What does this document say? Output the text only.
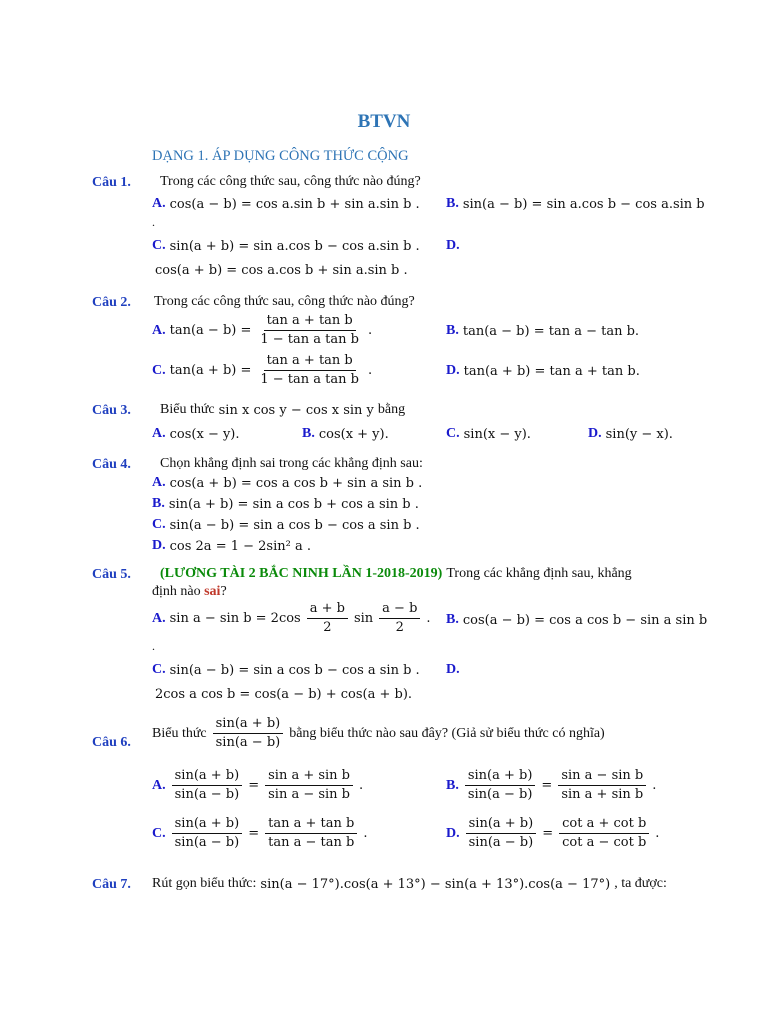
BTVN
DẠNG 1. ÁP DỤNG CÔNG THỨC CỘNG
Câu 1. Trong các công thức sau, công thức nào đúng?
A. cos(a − b) = cos a.sin b + sin a.sin b . B. sin(a − b) = sin a.cos b − cos a.sin b
.
C. sin(a + b) = sin a.cos b − cos a.sin b . D.
cos(a + b) = cos a.cos b + sin a.sin b .
Câu 2. Trong các công thức sau, công thức nào đúng?
A. $\tan(a - b) = \frac{\text{tan a + tan b}}{\text{1 − tan a tan b}}$ .	B. tan(a − b) = tan a − tan b.
C. $\tan(a + b) = \frac{\text{tan a + tan b}}{\text{1 − tan a tan b}}$ .	D. tan(a + b) = tan a + tan b.
Câu 3. Biểu thức sin x cos y − cos x sin y bằng
A. cos(x − y).	B. cos(x + y).	C. sin(x − y).	D. sin(y − x).
Câu 4. Chọn khẳng định sai trong các khẳng định sau:
A. cos(a + b) = cos a cos b + sin a sin b .
B. sin(a + b) = sin a cos b + cos a sin b .
C. sin(a − b) = sin a cos b − cos a sin b .
D. cos 2a = 1 − 2sin² a .
Câu 5. (LƯƠNG TÀI 2 BẮC NINH LẦN 1-2018-2019) Trong các khẳng định sau, khẳng
định nào sai?
A. $\sin a - \sin b = 2\cos \frac{a + b}{2}$ $\sin \frac{a - b}{2}$ . B. cos(a − b) = cos a cos b − sin a sin b
.
C. sin(a − b) = sin a cos b − cos a sin b . D.
2cos a cos b = cos(a − b) + cos(a + b).
Câu 6.
Biểu thức $\frac{\sin(a + b)}{\sin(a - b)}$ bằng biểu thức nào sau đây? (Giả sử biểu thức có nghĩa)
A. $\frac{\sin(a + b)}{\sin(a - b)} = \frac{\text{sin a + sin b}}{\text{sin a − sin b}}$ .	B. $\frac{\sin(a + b)}{\sin(a - b)} = \frac{\text{sin a − sin b}}{\text{sin a + sin b}}$ .
C. $\frac{\sin(a + b)}{\sin(a - b)} = \frac{\text{tan a + tan b}}{\text{tan a − tan b}}$ .	D. $\frac{\sin(a + b)}{\sin(a - b)} = \frac{\text{cot a + cot b}}{\text{cot a − cot b}}$ .
Câu 7. Rút gọn biểu thức: sin(a − 17°).cos(a + 13°) − sin(a + 13°).cos(a − 17°) , ta được:
